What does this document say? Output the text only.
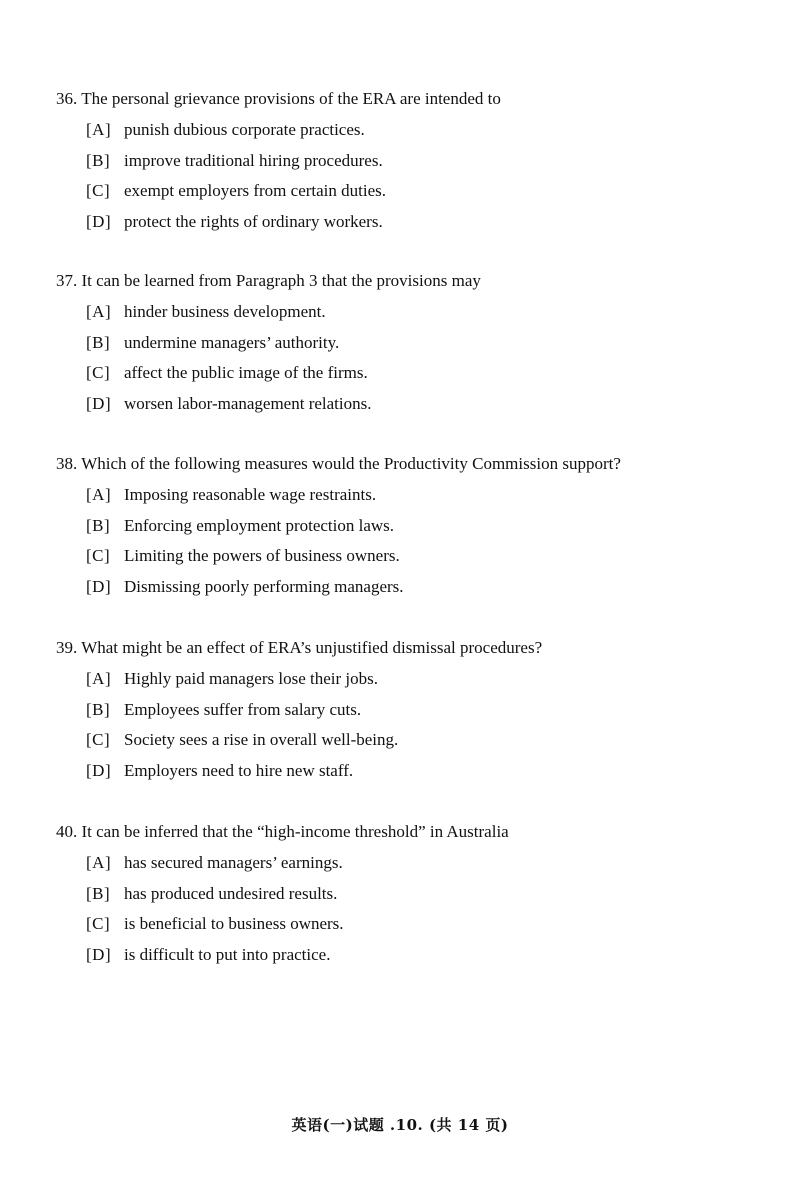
36. The personal grievance provisions of the ERA are intended to
[A] punish dubious corporate practices.
[B] improve traditional hiring procedures.
[C] exempt employers from certain duties.
[D] protect the rights of ordinary workers.
37. It can be learned from Paragraph 3 that the provisions may
[A] hinder business development.
[B] undermine managers’ authority.
[C] affect the public image of the firms.
[D] worsen labor-management relations.
38. Which of the following measures would the Productivity Commission support?
[A] Imposing reasonable wage restraints.
[B] Enforcing employment protection laws.
[C] Limiting the powers of business owners.
[D] Dismissing poorly performing managers.
39. What might be an effect of ERA’s unjustified dismissal procedures?
[A] Highly paid managers lose their jobs.
[B] Employees suffer from salary cuts.
[C] Society sees a rise in overall well-being.
[D] Employers need to hire new staff.
40. It can be inferred that the “high-income threshold” in Australia
[A] has secured managers’ earnings.
[B] has produced undesired results.
[C] is beneficial to business owners.
[D] is difficult to put into practice.
英语(一)试题 .10. (共 14 页)
